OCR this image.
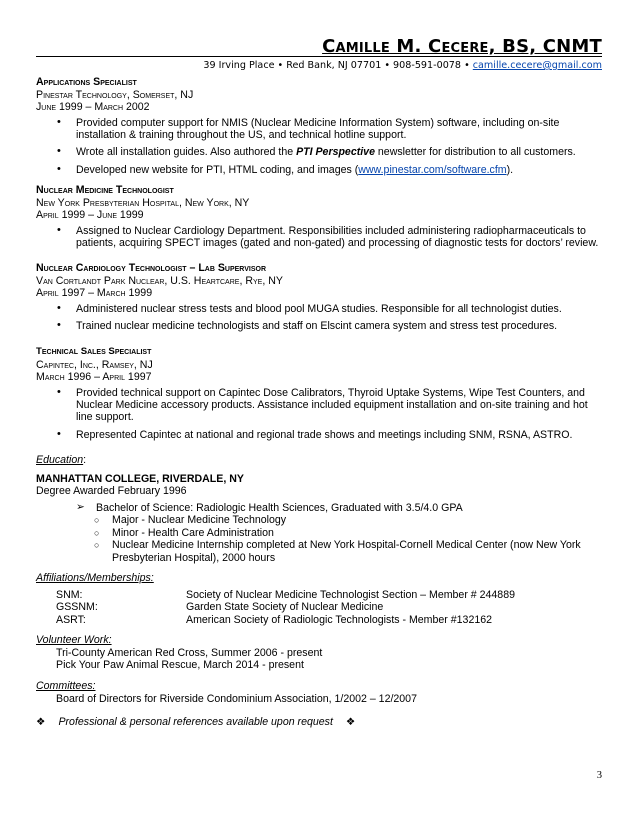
Camille M. Cecere, BS, CNMT
39 Irving Place • Red Bank, NJ 07701 • 908-591-0078 • camille.cecere@gmail.com
Applications Specialist
Pinestar Technology, Somerset, NJ
June 1999 – March 2002
• Provided computer support for NMIS (Nuclear Medicine Information System) software, including on-site installation & training throughout the US, and technical hotline support.
• Wrote all installation guides. Also authored the PTI Perspective newsletter for distribution to all customers.
• Developed new website for PTI, HTML coding, and images (www.pinestar.com/software.cfm).
Nuclear Medicine Technologist
New York Presbyterian Hospital, New York, NY
April 1999 – June 1999
• Assigned to Nuclear Cardiology Department. Responsibilities included administering radiopharmaceuticals to patients, acquiring SPECT images (gated and non-gated) and processing of diagnostic tests for doctors’ review.
Nuclear Cardiology Technologist – Lab Supervisor
Van Cortlandt Park Nuclear, U.S. Heartcare, Rye, NY
April 1997 – March 1999
• Administered nuclear stress tests and blood pool MUGA studies. Responsible for all technologist duties.
• Trained nuclear medicine technologists and staff on Elscint camera system and stress test procedures.
Technical Sales Specialist
Capintec, Inc., Ramsey, NJ
March 1996 – April 1997
• Provided technical support on Capintec Dose Calibrators, Thyroid Uptake Systems, Wipe Test Counters, and Nuclear Medicine accessory products. Assistance included equipment installation and on-site training and hot line support.
• Represented Capintec at national and regional trade shows and meetings including SNM, RSNA, ASTRO.
Education:
MANHATTAN COLLEGE, RIVERDALE, NY
Degree Awarded February 1996
➢ Bachelor of Science: Radiologic Health Sciences, Graduated with 3.5/4.0 GPA
○ Major - Nuclear Medicine Technology
○ Minor - Health Care Administration
○ Nuclear Medicine Internship completed at New York Hospital-Cornell Medical Center (now New York Presbyterian Hospital), 2000 hours
Affiliations/Memberships:
SNM:	Society of Nuclear Medicine Technologist Section – Member # 244889
GSSNM:	Garden State Society of Nuclear Medicine
ASRT:	American Society of Radiologic Technologists - Member #132162
Volunteer Work:
Tri-County American Red Cross, Summer 2006 - present
Pick Your Paw Animal Rescue, March 2014 - present
Committees:
Board of Directors for Riverside Condominium Association, 1/2002 – 12/2007
❖ Professional & personal references available upon request ❖
3
